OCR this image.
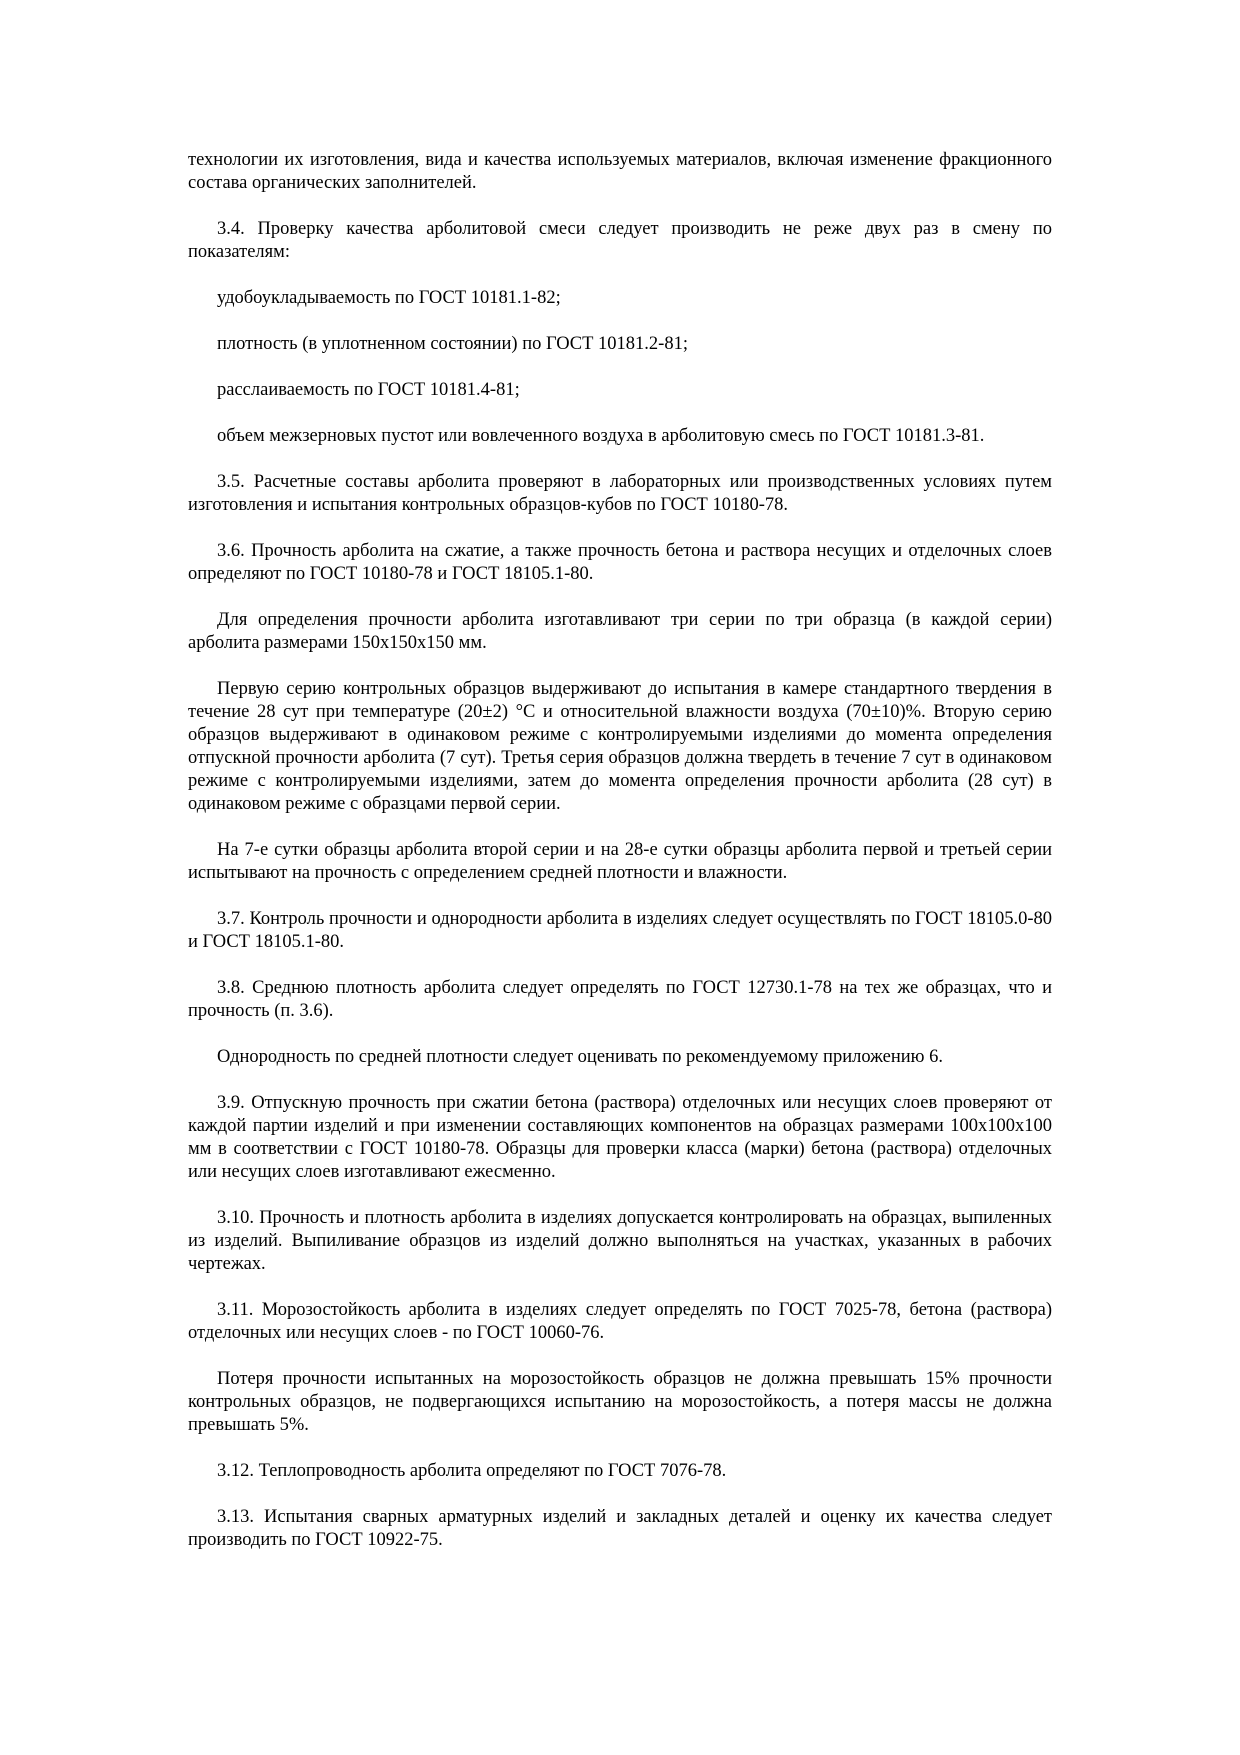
технологии их изготовления, вида и качества используемых материалов, включая изменение фракционного состава органических заполнителей.

3.4. Проверку качества арболитовой смеси следует производить не реже двух раз в смену по показателям:

удобоукладываемость по ГОСТ 10181.1-82;

плотность (в уплотненном состоянии) по ГОСТ 10181.2-81;

расслаиваемость по ГОСТ 10181.4-81;

объем межзерновых пустот или вовлеченного воздуха в арболитовую смесь по ГОСТ 10181.3-81.

3.5. Расчетные составы арболита проверяют в лабораторных или производственных условиях путем изготовления и испытания контрольных образцов-кубов по ГОСТ 10180-78.

3.6. Прочность арболита на сжатие, а также прочность бетона и раствора несущих и отделочных слоев определяют по ГОСТ 10180-78 и ГОСТ 18105.1-80.

Для определения прочности арболита изготавливают три серии по три образца (в каждой серии) арболита размерами 150х150х150 мм.

Первую серию контрольных образцов выдерживают до испытания в камере стандартного твердения в течение 28 сут при температуре (20±2) °С и относительной влажности воздуха (70±10)%. Вторую серию образцов выдерживают в одинаковом режиме с контролируемыми изделиями до момента определения отпускной прочности арболита (7 сут). Третья серия образцов должна твердеть в течение 7 сут в одинаковом режиме с контролируемыми изделиями, затем до момента определения прочности арболита (28 сут) в одинаковом режиме с образцами первой серии.

На 7-е сутки образцы арболита второй серии и на 28-е сутки образцы арболита первой и третьей серии испытывают на прочность с определением средней плотности и влажности.

3.7. Контроль прочности и однородности арболита в изделиях следует осуществлять по ГОСТ 18105.0-80 и ГОСТ 18105.1-80.

3.8. Среднюю плотность арболита следует определять по ГОСТ 12730.1-78 на тех же образцах, что и прочность (п. 3.6).

Однородность по средней плотности следует оценивать по рекомендуемому приложению 6.

3.9. Отпускную прочность при сжатии бетона (раствора) отделочных или несущих слоев проверяют от каждой партии изделий и при изменении составляющих компонентов на образцах размерами 100х100х100 мм в соответствии с ГОСТ 10180-78. Образцы для проверки класса (марки) бетона (раствора) отделочных или несущих слоев изготавливают ежесменно.

3.10. Прочность и плотность арболита в изделиях допускается контролировать на образцах, выпиленных из изделий. Выпиливание образцов из изделий должно выполняться на участках, указанных в рабочих чертежах.

3.11. Морозостойкость арболита в изделиях следует определять по ГОСТ 7025-78, бетона (раствора) отделочных или несущих слоев - по ГОСТ 10060-76.

Потеря прочности испытанных на морозостойкость образцов не должна превышать 15% прочности контрольных образцов, не подвергающихся испытанию на морозостойкость, а потеря массы не должна превышать 5%.

3.12. Теплопроводность арболита определяют по ГОСТ 7076-78.

3.13. Испытания сварных арматурных изделий и закладных деталей и оценку их качества следует производить по ГОСТ 10922-75.
